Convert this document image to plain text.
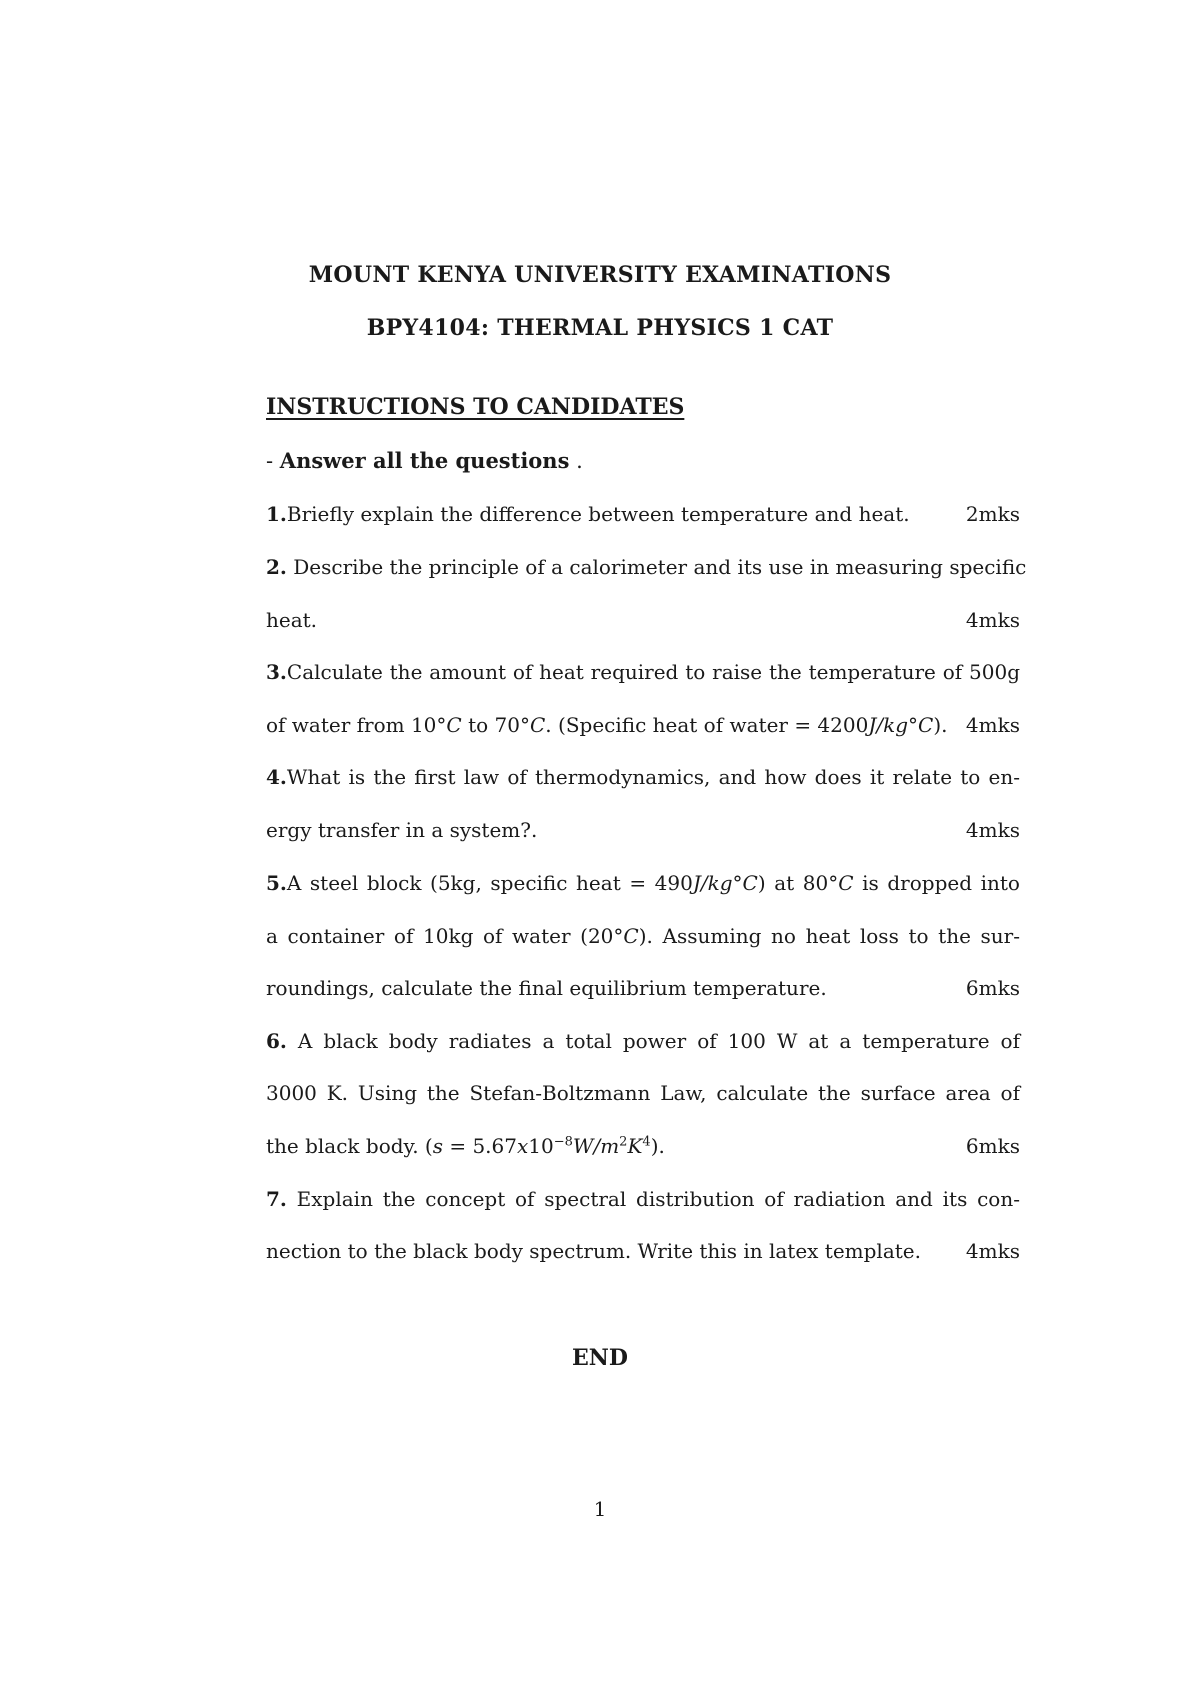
MOUNT KENYA UNIVERSITY EXAMINATIONS
BPY4104: THERMAL PHYSICS 1 CAT
INSTRUCTIONS TO CANDIDATES
- Answer all the questions .
1.Briefly explain the difference between temperature and heat.	2mks
2. Describe the principle of a calorimeter and its use in measuring specific
heat.	4mks
3.Calculate the amount of heat required to raise the temperature of 500g
of water from 10°C to 70°C. (Specific heat of water = 4200J/kg°C). 4mks
4.What is the first law of thermodynamics, and how does it relate to en-
ergy transfer in a system?.	4mks
5.A steel block (5kg, specific heat = 490J/kg°C) at 80°C is dropped into
a container of 10kg of water (20°C). Assuming no heat loss to the sur-
roundings, calculate the final equilibrium temperature.	6mks
6. A black body radiates a total power of 100 W at a temperature of
3000 K. Using the Stefan-Boltzmann Law, calculate the surface area of
the black body. $(s = 5.67x10^{-8}W/m^2K^4)$.	6mks
7. Explain the concept of spectral distribution of radiation and its con-
nection to the black body spectrum. Write this in latex template. 4mks
END
1
